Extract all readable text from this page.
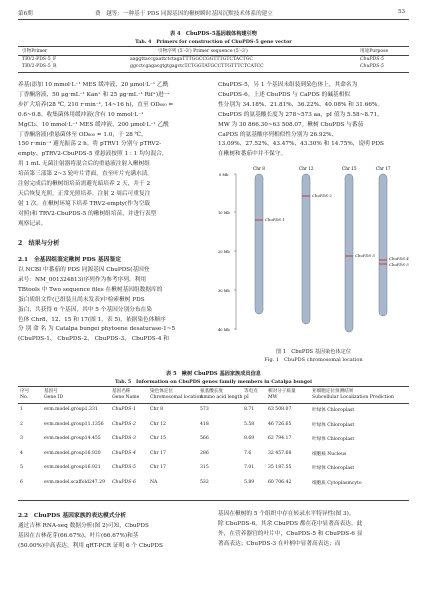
第6期	费　越等：一种基于 PDS 同源基因的楸树瞬时基因沉默技术体系的建立	53
表 4　CbuPDS-5基因载体构建引物
Tab. 4　Primers for construction of CbuPDS-5 gene vector
引物Primer	引物序列 (5′–3′) Primer sequence (5′–3′)	用途Purpose
TRV2-PDS-5_F	aaggttaccgaattctctagaTTTGGCCGGTTTGTCTACTGC	CbuPDS-5
TRV2-PDS-5_R	ggcctcgagacgtgtgagctcTCTGGTATGCCTTGTTTCTCATCC	CbuPDS-5
养基(添加 10 mmol·L⁻¹ MES 缓冲液、20 μmol·L⁻¹ 乙酰
丁香酮溶液、50 μg·mL⁻¹ Kan⁺ 和 25 μg·mL⁻¹ Rif⁺)进一
步扩大培养(28 ℃, 210 r·min⁻¹, 14~16 h)，直至 OD₆₀₀ =
0.6~0.8。收集菌体用缓冲液(含有 10 mmol·L⁻¹
MgCl₂、10 mmol·L⁻¹ MES 缓冲液、200 μmol·L⁻¹ 乙酰
丁香酮溶液)重悬菌体至 OD₆₀₀ = 1.0，于 28 ℃、
150 r·min⁻¹ 避光振荡 2 h。将 pTRV1 分别与 pTRV2-
empty、pTRV2-CbuPDS-5 重悬液按照 1 : 1 均匀混合，
用 1 mL 无菌注射器将混合后的重悬液注射入楸树组
培苗第三部第 2~3 轮叶片背面，直至叶片充满水渍。
注射完成后的楸树组培苗需避光暗培养 2 天，并于 2
天后恢复光照，正常光照培养。注射 2 周后可重复注
射 1 次。在楸树环境下培养 TRV2-empty(作为空载
对照)和 TRV2-CbuPDS-5 的楸树组培苗，并进行表型
观察记录。
2　结果与分析
2.1　全基因组鉴定楸树 PDS 基因鉴定
以 NCBI 中番茄的 PDS 同源基因 CbuPDS(基因登
录号：NM_001324813)序列作为参考序列，利用
TBtools 中 Two sequence files 在楸树基因组数据库的
蛋白质组文件(已组装且尚未发表)中检索楸树 PDS
蛋白，共获得 6 个基因，其中 5 个基因分别分布在染
色体 Chr8、12、15 和 17(图 1，表 5)，依据染色体顺序
分 别 命 名 为 Catalpa bungei phytoene desaturase-1~5
(CbuPDS-1、 CbuPDS-2、 CbuPDS-3、 CbuPDS-4 和
CbuPDS-5，另 1 个基因未组装到染色体上，其命名为
CbuPDS-6。上述 CbuPDS 与 CaPDS 的碱基相似
性分别为 34.18%、21.81%、36.22%、40.08% 和 31.66%。
CbuPDS 的氨基酸长度为 278~573 aa，pI 值为 5.58~8.71，
MW 为 30 866.30~63 508.07。楸树 CbuPDS 与番茄
CaPDS 的氨基酸序列相似性分别为 26.92%、
13.09%、27.52%、43.47%、43.30% 和 14.75%，说明 PDS
在楸树和番茄中并不保守。
0 Mb
10 Mb
20 Mb
30 Mb
40 Mb
Chr 8
CbuPDS-1
Chr 12
CbuPDS-2
Chr 15
CbuPDS-3
Chr 17
CbuPDS-4
CbuPDS-5
图 1　CbuPDS 基因染色体定位
Fig. 1　CbuPDS chromosomal location
表 5　楸树 CbuPDS 基因家族成员信息
Tab. 5　Information on CbuPDS genes family members in Catalpa bungei
序号	基因号	基因名称	染色体定位	氨基酸长度	等电点 相对分子质量	亚细胞定位预测结果
No.	Gene ID	Gene Name Chromosomal location
Amino acid length pI	MW	Subcellular Localization Prediction
1	evm.model.group1.331	CbuPDS-1	Chr 8	573	8.71	63 508.07	叶绿体 Chloroplast
2	evm.model.group11.1356 CbuPDS-2	Chr 12	418	5.58	46 726.65	叶绿体 Chloroplast
3	evm.model.group14.455 CbuPDS-3	Chr 15	566	8.69	62 794.17	叶绿体 Chloroplast
4	evm.model.group16.920 CbuPDS-4	Chr 17	286	7.6	32 457.68	细胞核 Nucleus
5	evm.model.group16.921 CbuPDS-5	Chr 17	315	7.01	35 187.55	叶绿体 Chloroplast
6	evm.model.scaffold247.29 CbuPDS-6	NA	532	5.89	60 706.42	细胞质 Cytoplasmcyto
2.2　CbuPDS 基因家族的表达模式分析
通过吉林 RNA-seq 数据分析(图 2)可知，CbuPDS
基因在吉林花芽(66.67%)、叶片(66.67%)和茎
(50.00%)中高表达。利用 qRT-PCR 证明 6 个 CbuPDS
基因在楸树的 5 个组织中存在转录水平特异性(图 3)。
除 CbuPDS-6，其余 CbuPDS 都在花中显著高表达。此
外，在营养器官的叶片中，CbuPDS-5 和 CbuPDS-6 显
著高表达；CbuPDS-3 在叶柄中显著高表达；而
